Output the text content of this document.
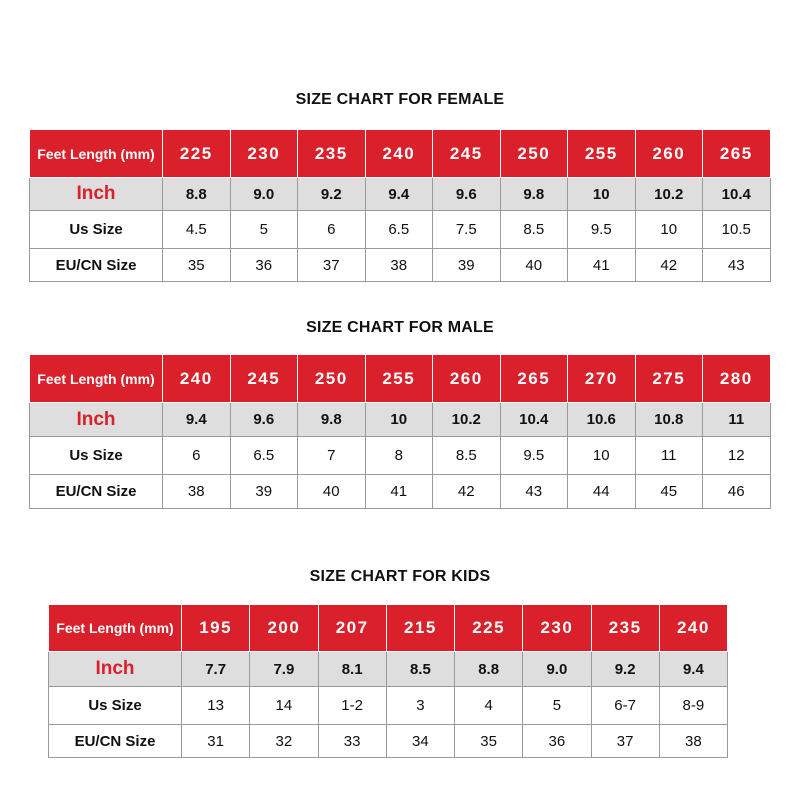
SIZE CHART FOR FEMALE
Feet Length (mm)	225	230	235	240	245	250	255	260	265
Inch	8.8	9.0	9.2	9.4	9.6	9.8	10	10.2	10.4
Us Size	4.5	5	6	6.5	7.5	8.5	9.5	10	10.5
EU/CN Size	35	36	37	38	39	40	41	42	43
SIZE CHART FOR MALE
Feet Length (mm)	240	245	250	255	260	265	270	275	280
Inch	9.4	9.6	9.8	10	10.2	10.4	10.6	10.8	11
Us Size	6	6.5	7	8	8.5	9.5	10	11	12
EU/CN Size	38	39	40	41	42	43	44	45	46
SIZE CHART FOR KIDS
Feet Length (mm)	195	200	207	215	225	230	235	240
Inch	7.7	7.9	8.1	8.5	8.8	9.0	9.2	9.4
Us Size	13	14	1-2	3	4	5	6-7	8-9
EU/CN Size	31	32	33	34	35	36	37	38
